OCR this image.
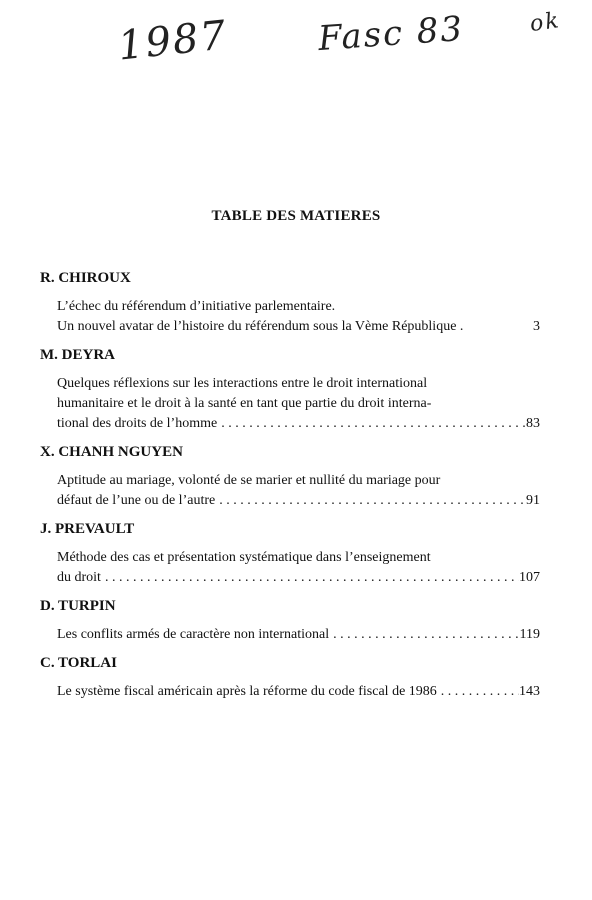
1987	Fasc 83	ok
TABLE DES MATIERES
R. CHIROUX
L’échec du référendum d’initiative parlementaire.
Un nouvel avatar de l’histoire du référendum sous la Vème République .	3
M. DEYRA
Quelques réflexions sur les interactions entre le droit international
humanitaire et le droit à la santé en tant que partie du droit interna-
tional des droits de l’homme . . .	83
X. CHANH NGUYEN
Aptitude au mariage, volonté de se marier et nullité du mariage pour
défaut de l’une ou de l’autre . . .	91
J. PREVAULT
Méthode des cas et présentation systématique dans l’enseignement
du droit . . .	107
D. TURPIN
Les conflits armés de caractère non international . . .	119
C. TORLAI
Le système fiscal américain après la réforme du code fiscal de 1986 . . .	143
